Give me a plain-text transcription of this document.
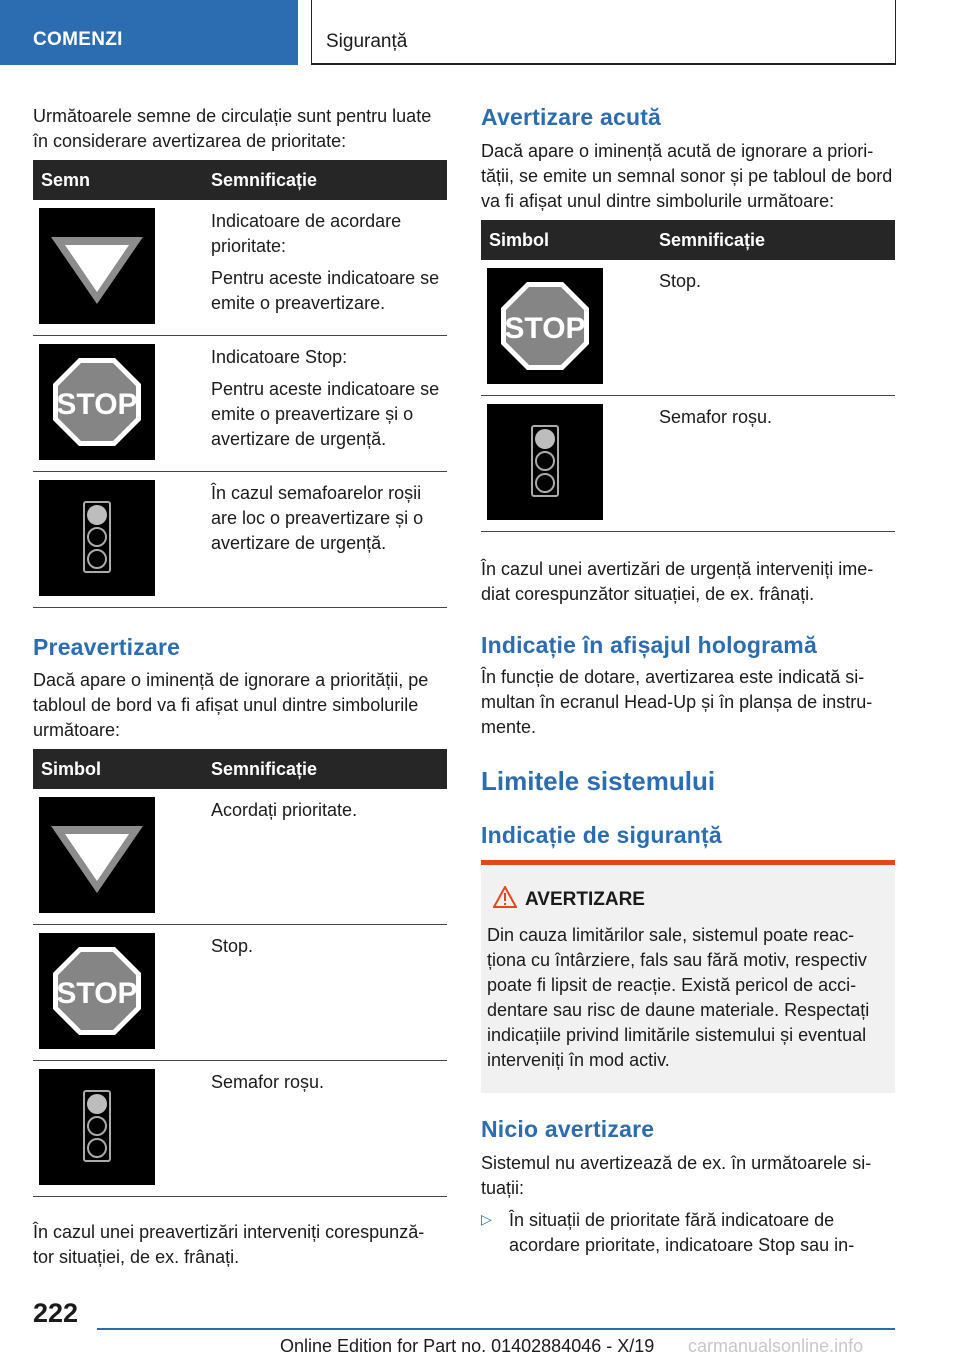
COMENZI	Siguranță

Următoarele semne de circulație sunt pentru luate în considerare avertizarea de prioritate:

Semn	Semnificație

Indicatoare de acordare prioritate:

Pentru aceste indicatoare se emite o preavertizare.

STOP	Indicatoare Stop:

Pentru aceste indicatoare se emite o preavertizare și o avertizare de urgență.

În cazul semafoarelor roșii are loc o preavertizare și o avertizare de urgență.

Preavertizare

Dacă apare o iminență de ignorare a priorității, pe tabloul de bord va fi afișat unul dintre simbolurile următoare:

Simbol	Semnificație

Acordați prioritate.

STOP	Stop.

Semafor roșu.

În cazul unei preavertizări interveniți corespunză- tor situației, de ex. frânați.

Avertizare acută

Dacă apare o iminență acută de ignorare a priori- tății, se emite un semnal sonor și pe tabloul de bord va fi afișat unul dintre simbolurile următoare:

Simbol	Semnificație

STOP	Stop.

Semafor roșu.

În cazul unei avertizări de urgență interveniți ime- diat corespunzător situației, de ex. frânați.

Indicație în afișajul hologramă

În funcție de dotare, avertizarea este indicată si- multan în ecranul Head-Up și în planșa de instru- mente.

Limitele sistemului
Indicație de siguranță
AVERTIZARE

Din cauza limitărilor sale, sistemul poate reac- ționa cu întârziere, fals sau fără motiv, respectiv poate fi lipsit de reacție. Există pericol de acci- dentare sau risc de daune materiale. Respectați indicațiile privind limitările sistemului și eventual interveniți în mod activ.

Nicio avertizare

Sistemul nu avertizează de ex. în următoarele si- tuații:

▷ În situații de prioritate fără indicatoare de acordare prioritate, indicatoare Stop sau in-

222
Online Edition for Part no. 01402884046 - X/19 carmanualsonline.info
